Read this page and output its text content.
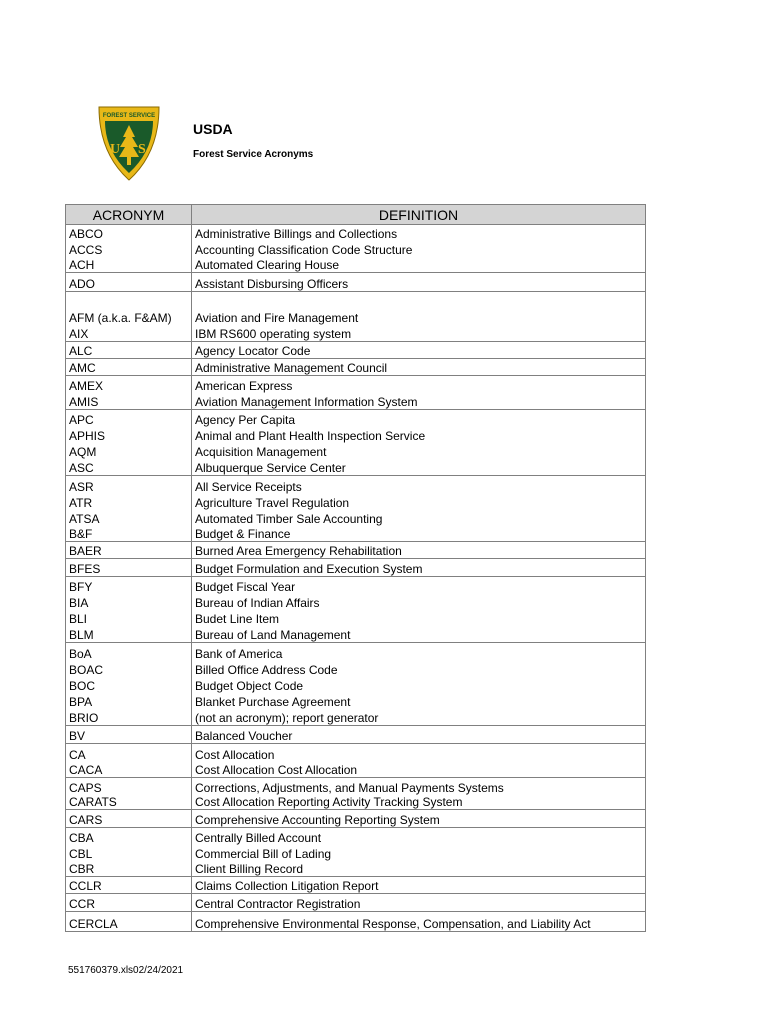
U S
FOREST SERVICE
USDA
Forest Service Acronyms
ACRONYM	DEFINITION
ABCO	Administrative Billings and Collections
ACCS	Accounting Classification Code Structure
ACH	Automated Clearing House
ADO	Assistant Disbursing Officers
AFM (a.k.a. F&AM)	Aviation and Fire Management
AIX	IBM RS600 operating system
ALC	Agency Locator Code
AMC	Administrative Management Council
AMEX	American Express
AMIS	Aviation Management Information System
APC	Agency Per Capita
APHIS	Animal and Plant Health Inspection Service
AQM	Acquisition Management
ASC	Albuquerque Service Center
ASR	All Service Receipts
ATR	Agriculture Travel Regulation
ATSA	Automated Timber Sale Accounting
B&F	Budget & Finance
BAER	Burned Area Emergency Rehabilitation
BFES	Budget Formulation and Execution System
BFY	Budget Fiscal Year
BIA	Bureau of Indian Affairs
BLI	Budet Line Item
BLM	Bureau of Land Management
BoA	Bank of America
BOAC	Billed Office Address Code
BOC	Budget Object Code
BPA	Blanket Purchase Agreement
BRIO	(not an acronym); report generator
BV	Balanced Voucher
CA	Cost Allocation
CACA	Cost Allocation Cost Allocation
CAPS	Corrections, Adjustments, and Manual Payments Systems
CARATS	Cost Allocation Reporting Activity Tracking System
CARS	Comprehensive Accounting Reporting System
CBA	Centrally Billed Account
CBL	Commercial Bill of Lading
CBR	Client Billing Record
CCLR	Claims Collection Litigation Report
CCR	Central Contractor Registration
CERCLA	Comprehensive Environmental Response, Compensation, and Liability Act
551760379.xls02/24/2021
